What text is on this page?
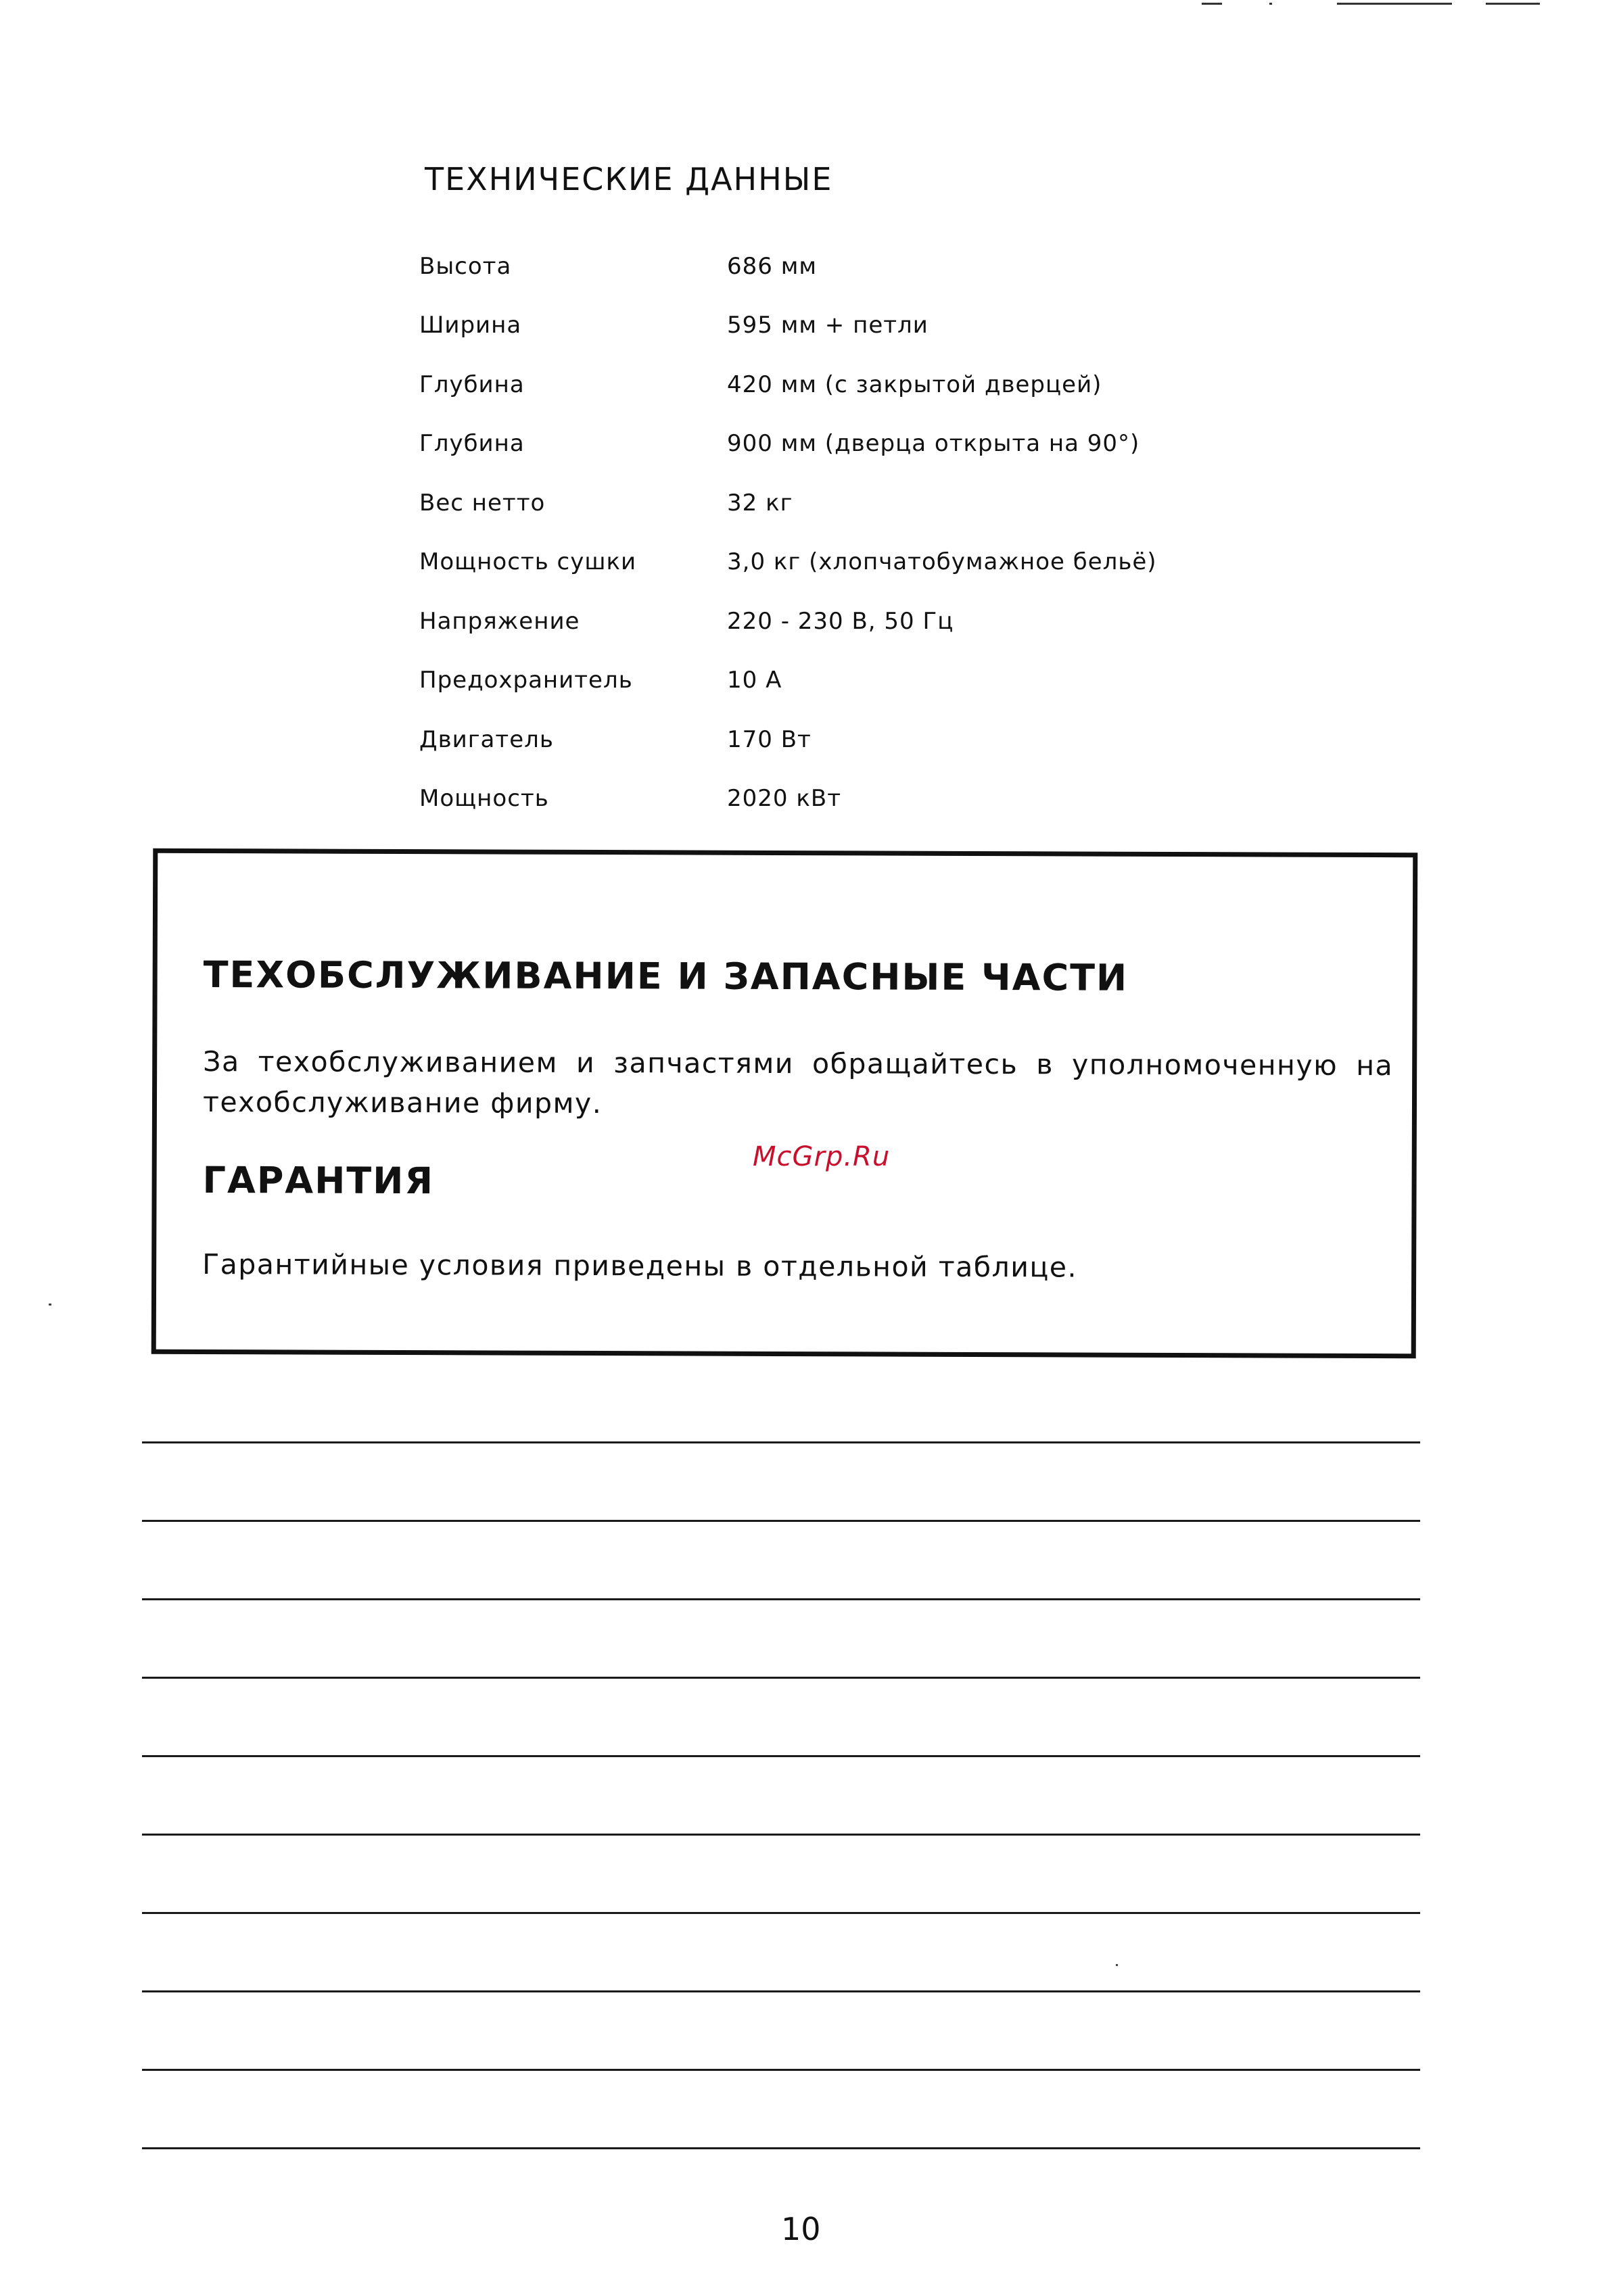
ТЕХНИЧЕСКИЕ ДАННЫЕ
Высота	686 мм
Ширина	595 мм + петли
Глубина	420 мм (с закрытой дверцей)
Глубина	900 мм (дверца открыта на 90°)
Вес нетто	32 кг
Мощность сушки	3,0 кг (хлопчатобумажное бельё)
Напряжение	220 - 230 В, 50 Гц
Предохранитель	10 А
Двигатель	170 Вт
Мощность	2020 кВт
ТЕХОБСЛУЖИВАНИЕ И ЗАПАСНЫЕ ЧАСТИ

За техобслуживанием и запчастями обращайтесь в уполномоченную на техобслуживание фирму.

ГАРАНТИЯ

Гарантийные условия приведены в отдельной таблице.

McGrp.Ru
10
